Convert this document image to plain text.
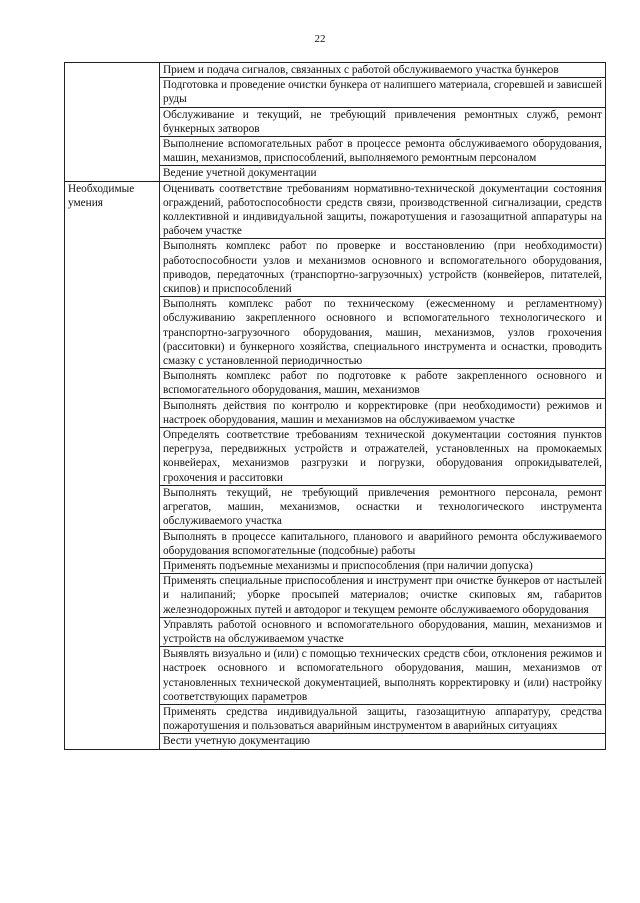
22
	Прием и подача сигналов, связанных с работой обслуживаемого участка бункеров
	Подготовка и проведение очистки бункера от налипшего материала, сгоревшей и зависшей руды
	Обслуживание и текущий, не требующий привлечения ремонтных служб, ремонт бункерных затворов
	Выполнение вспомогательных работ в процессе ремонта обслуживаемого оборудования, машин, механизмов, приспособлений, выполняемого ремонтным персоналом
	Ведение учетной документации
Необходимые умения	Оценивать соответствие требованиям нормативно-технической документации состояния ограждений, работоспособности средств связи, производственной сигнализации, средств коллективной и индивидуальной защиты, пожаротушения и газозащитной аппаратуры на рабочем участке
	Выполнять комплекс работ по проверке и восстановлению (при необходимости) работоспособности узлов и механизмов основного и вспомогательного оборудования, приводов, передаточных (транспортно-загрузочных) устройств (конвейеров, питателей, скипов) и приспособлений
	Выполнять комплекс работ по техническому (ежесменному и регламентному) обслуживанию закрепленного основного и вспомогательного технологического и транспортно-загрузочного оборудования, машин, механизмов, узлов грохочения (расситовки) и бункерного хозяйства, специального инструмента и оснастки, проводить смазку с установленной периодичностью
	Выполнять комплекс работ по подготовке к работе закрепленного основного и вспомогательного оборудования, машин, механизмов
	Выполнять действия по контролю и корректировке (при необходимости) режимов и настроек оборудования, машин и механизмов на обслуживаемом участке
	Определять соответствие требованиям технической документации состояния пунктов перегруза, передвижных устройств и отражателей, установленных на промокаемых конвейерах, механизмов разгрузки и погрузки, оборудования опрокидывателей, грохочения и расситовки
	Выполнять текущий, не требующий привлечения ремонтного персонала, ремонт агрегатов, машин, механизмов, оснастки и технологического инструмента обслуживаемого участка
	Выполнять в процессе капитального, планового и аварийного ремонта обслуживаемого оборудования вспомогательные (подсобные) работы
	Применять подъемные механизмы и приспособления (при наличии допуска)
	Применять специальные приспособления и инструмент при очистке бункеров от настылей и налипаний; уборке просыпей материалов; очистке скиповых ям, габаритов железнодорожных путей и автодорог и текущем ремонте обслуживаемого оборудования
	Управлять работой основного и вспомогательного оборудования, машин, механизмов и устройств на обслуживаемом участке
	Выявлять визуально и (или) с помощью технических средств сбои, отклонения режимов и настроек основного и вспомогательного оборудования, машин, механизмов от установленных технической документацией, выполнять корректировку и (или) настройку соответствующих параметров
	Применять средства индивидуальной защиты, газозащитную аппаратуру, средства пожаротушения и пользоваться аварийным инструментом в аварийных ситуациях
	Вести учетную документацию
